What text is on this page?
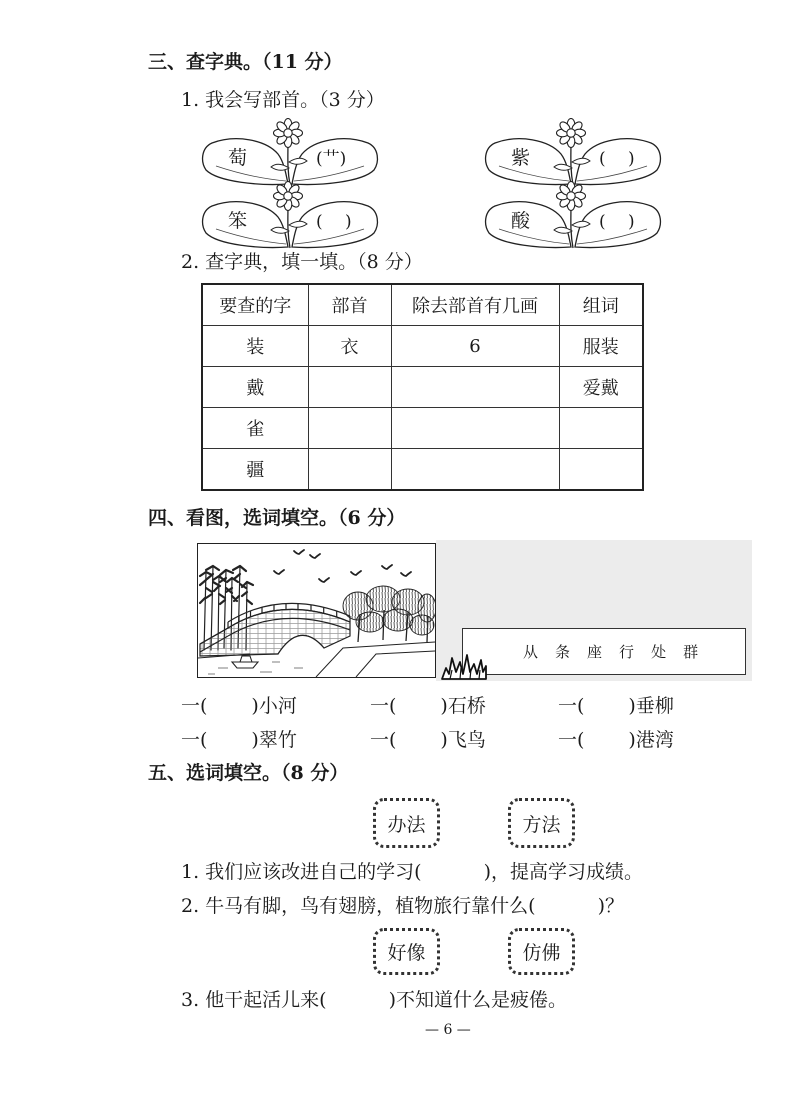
三、查字典。（11 分）
1. 我会写部首。（3 分）
萄	(艹)	紫	( 　)
笨	( 　)	酸	( 　)
2. 查字典，填一填。（8 分）
要查的字	部首	除去部首有几画	组词
装	衣	6	服装
戴			爱戴
雀			
疆			
四、看图，选词填空。（6 分）
从 条 座 行 处 群
一( )小河	一( )石桥	一( )垂柳
一( )翠竹	一( )飞鸟	一( )港湾
五、选词填空。（8 分）
办法	方法
1. 我们应该改进自己的学习(	)，提高学习成绩。
2. 牛马有脚，鸟有翅膀，植物旅行靠什么(	)？
好像	仿佛
3. 他干起活儿来(	)不知道什么是疲倦。
— 6 —
